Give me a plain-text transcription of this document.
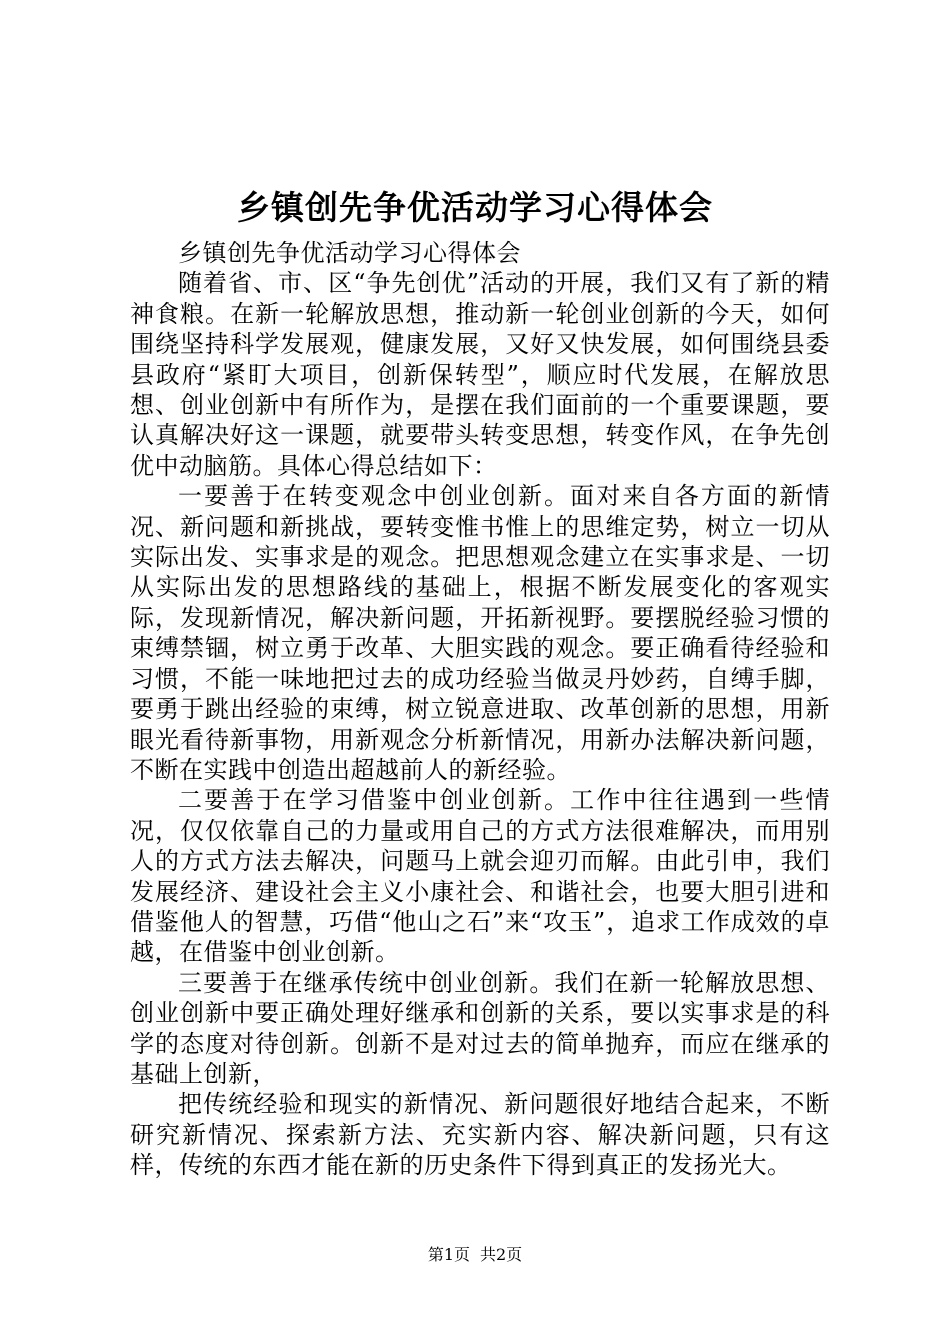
乡镇创先争优活动学习心得体会

乡镇创先争优活动学习心得体会

随着省、市、区“争先创优”活动的开展，我们又有了新的精神食粮。在新一轮解放思想，推动新一轮创业创新的今天，如何围绕坚持科学发展观，健康发展，又好又快发展，如何围绕县委县政府“紧盯大项目，创新保转型”，顺应时代发展，在解放思想、创业创新中有所作为，是摆在我们面前的一个重要课题，要认真解决好这一课题，就要带头转变思想，转变作风，在争先创优中动脑筋。具体心得总结如下：

一要善于在转变观念中创业创新。面对来自各方面的新情况、新问题和新挑战，要转变惟书惟上的思维定势，树立一切从实际出发、实事求是的观念。把思想观念建立在实事求是、一切从实际出发的思想路线的基础上，根据不断发展变化的客观实际，发现新情况，解决新问题，开拓新视野。要摆脱经验习惯的束缚禁锢，树立勇于改革、大胆实践的观念。要正确看待经验和习惯，不能一味地把过去的成功经验当做灵丹妙药，自缚手脚，要勇于跳出经验的束缚，树立锐意进取、改革创新的思想，用新眼光看待新事物，用新观念分析新情况，用新办法解决新问题，不断在实践中创造出超越前人的新经验。

二要善于在学习借鉴中创业创新。工作中往往遇到一些情况，仅仅依靠自己的力量或用自己的方式方法很难解决，而用别人的方式方法去解决，问题马上就会迎刃而解。由此引申，我们发展经济、建设社会主义小康社会、和谐社会，也要大胆引进和借鉴他人的智慧，巧借“他山之石”来“攻玉”，追求工作成效的卓越，在借鉴中创业创新。

三要善于在继承传统中创业创新。我们在新一轮解放思想、创业创新中要正确处理好继承和创新的关系，要以实事求是的科学的态度对待创新。创新不是对过去的简单抛弃，而应在继承的基础上创新，

把传统经验和现实的新情况、新问题很好地结合起来，不断研究新情况、探索新方法、充实新内容、解决新问题，只有这样，传统的东西才能在新的历史条件下得到真正的发扬光大。

第1页 共2页
